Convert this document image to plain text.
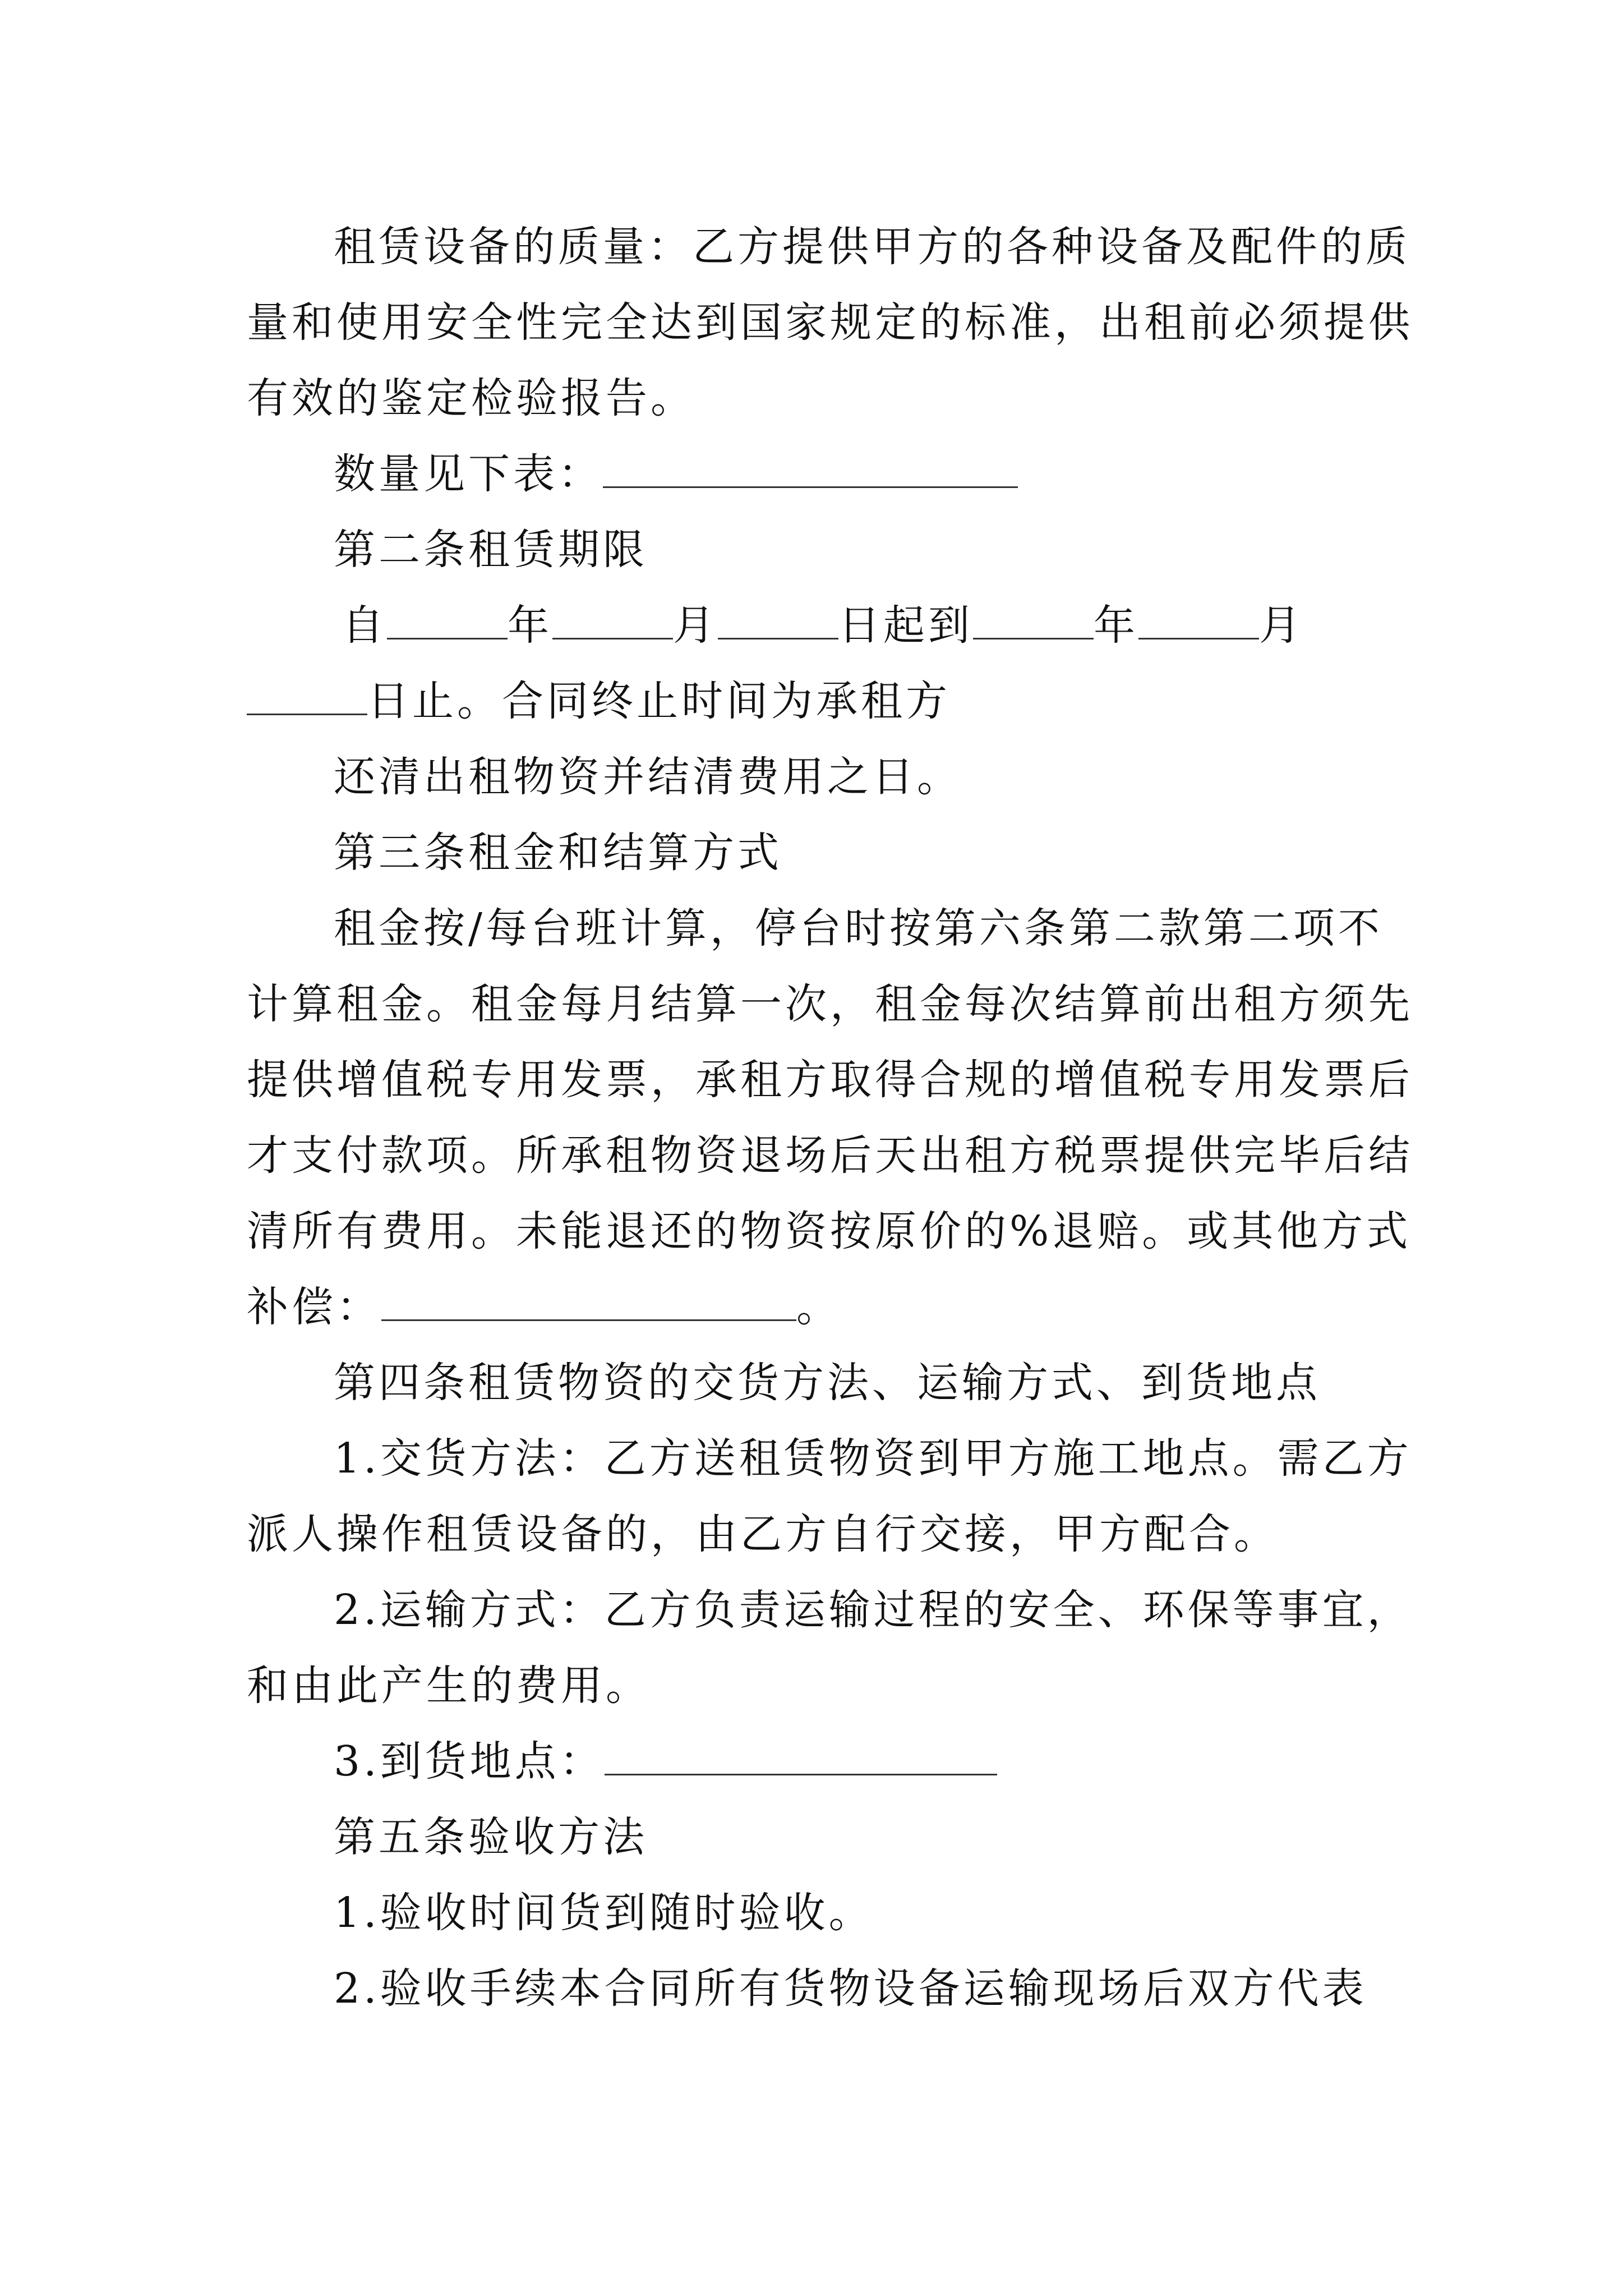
租赁设备的质量：乙方提供甲方的各种设备及配件的质
量和使用安全性完全达到国家规定的标准，出租前必须提供
有效的鉴定检验报告。
数量见下表：
第二条租赁期限
自	年	月	日起到	年	月
日止。合同终止时间为承租方
还清出租物资并结清费用之日。
第三条租金和结算方式
租金按/每台班计算，停台时按第六条第二款第二项不
计算租金。租金每月结算一次，租金每次结算前出租方须先
提供增值税专用发票，承租方取得合规的增值税专用发票后
才支付款项。所承租物资退场后天出租方税票提供完毕后结
清所有费用。未能退还的物资按原价的%退赔。或其他方式
补偿：	。
第四条租赁物资的交货方法、运输方式、到货地点
1.交货方法：乙方送租赁物资到甲方施工地点。需乙方
派人操作租赁设备的，由乙方自行交接，甲方配合。
2.运输方式：乙方负责运输过程的安全、环保等事宜，
和由此产生的费用。
3.到货地点：
第五条验收方法
1.验收时间货到随时验收。
2.验收手续本合同所有货物设备运输现场后双方代表
